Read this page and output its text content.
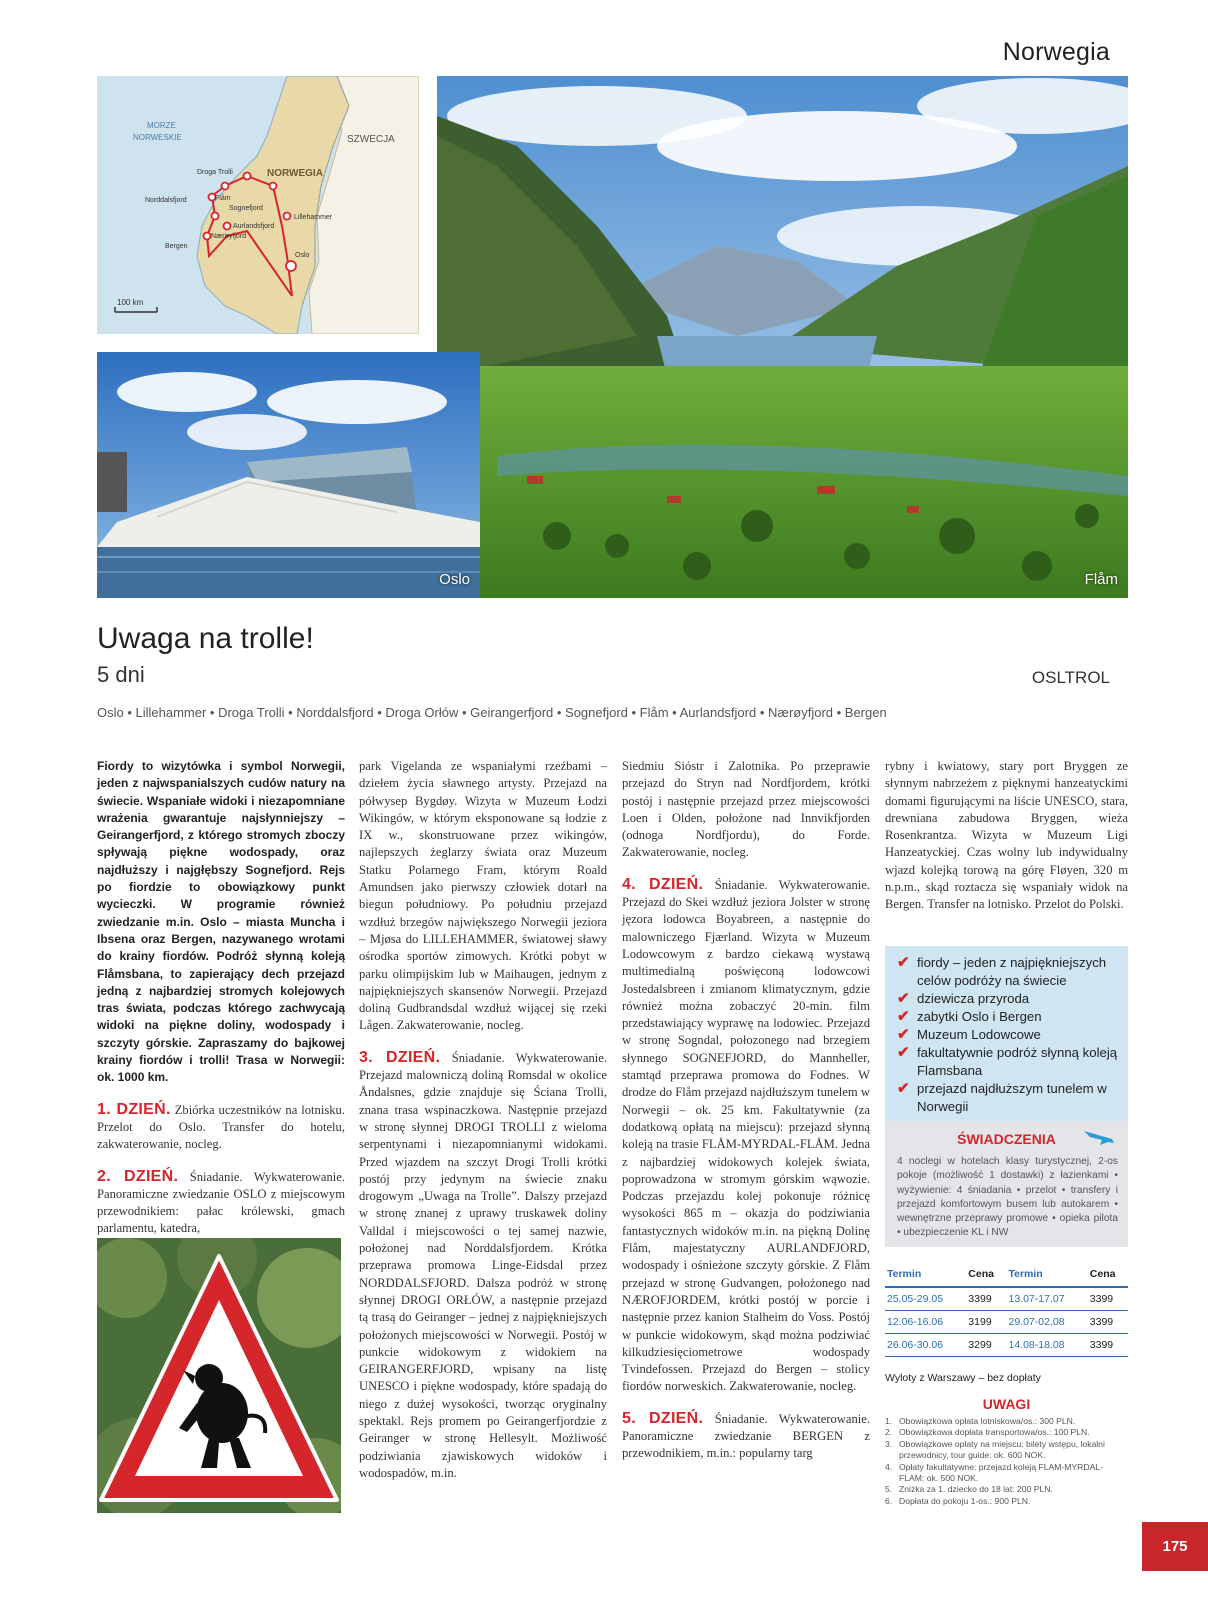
Norwegia
MORZE
NORWESKIE
NORWEGIA
SZWECJA
Droga Trolli
Norddalsfjord	Flåm
Sognefjord
Aurlandsfjord
Nærøyfjord
Bergen
Lillehammer
Oslo
100 km
Flåm
Oslo
Uwaga na trolle!
5 dni	OSLTROL
Oslo • Lillehammer • Droga Trolli • Norddalsfjord • Droga Orłów • Geirangerfjord • Sognefjord • Flåm • Aurlandsfjord • Nærøyfjord • Bergen

Fiordy to wizytówka i symbol Norwegii, jeden z najwspanialszych cudów natury na świecie. Wspaniałe widoki i niezapomniane wrażenia gwarantuje najsłynniejszy – Geirangerfjord, z którego stromych zboczy spływają piękne wodospady, oraz najdłuższy i najgłębszy Sognefjord. Rejs po fiordzie to obowiązkowy punkt wycieczki. W programie również zwiedzanie m.in. Oslo – miasta Muncha i Ibsena oraz Bergen, nazywanego wrotami do krainy fiordów. Podróż słynną koleją Flåmsbana, to zapierający dech przejazd jedną z najbardziej stromych kolejowych tras świata, podczas którego zachwycają widoki na piękne doliny, wodospady i szczyty górskie. Zapraszamy do bajkowej krainy fiordów i trolli! Trasa w Norwegii: ok. 1000 km.

1. DZIEŃ. Zbiórka uczestników na lotnisku. Przelot do Oslo. Transfer do hotelu, zakwaterowanie, nocleg.

2. DZIEŃ. Śniadanie. Wykwaterowanie. Panoramiczne zwiedzanie OSLO z miejscowym przewodnikiem: pałac królewski, gmach parlamentu, katedra,

park Vigelanda ze wspaniałymi rzeźbami – dziełem życia sławnego artysty. Przejazd na półwysep Bygdøy. Wizyta w Muzeum Łodzi Wikingów, w którym eksponowane są łodzie z IX w., skonstruowane przez wikingów, najlepszych żeglarzy świata oraz Muzeum Statku Polarnego Fram, którym Roald Amundsen jako pierwszy człowiek dotarł na biegun południowy. Po południu przejazd wzdłuż brzegów największego Norwegii jeziora – Mjøsa do LILLEHAMMER, światowej sławy ośrodka sportów zimowych. Krótki pobyt w parku olimpijskim lub w Maihaugen, jednym z najpiękniejszych skansenów Norwegii. Przejazd doliną Gudbrandsdal wzdłuż wijącej się rzeki Lågen. Zakwaterowanie, nocleg.

3. DZIEŃ. Śniadanie. Wykwaterowanie. Przejazd malowniczą doliną Romsdal w okolice Åndalsnes, gdzie znajduje się Ściana Trolli, znana trasa wspinaczkowa. Następnie przejazd w stronę słynnej DROGI TROLLI z wieloma serpentynami i niezapomnianymi widokami. Przed wjazdem na szczyt Drogi Trolli krótki postój przy jedynym na świecie znaku drogowym „Uwaga na Trolle”. Dalszy przejazd w stronę znanej z uprawy truskawek doliny Valldal i miejscowości o tej samej nazwie, położonej nad Norddalsfjordem. Krótka przeprawa promowa Linge-Eidsdal przez NORDDALSFJORD. Dalsza podróż w stronę słynnej DROGI ORŁÓW, a następnie przejazd tą trasą do Geiranger – jednej z najpiękniejszych położonych miejscowości w Norwegii. Postój w punkcie widokowym z widokiem na GEIRANGERFJORD, wpisany na listę UNESCO i piękne wodospady, które spadają do niego z dużej wysokości, tworząc oryginalny spektakl. Rejs promem po Geirangerfjordzie z Geiranger w stronę Hellesylt. Możliwość podziwiania zjawiskowych widoków i wodospadów, m.in.

Siedmiu Sióstr i Zalotnika. Po przeprawie przejazd do Stryn nad Nordfjordem, krótki postój i następnie przejazd przez miejscowości Loen i Olden, położone nad Innvikfjorden (odnoga Nordfjordu), do Forde. Zakwaterowanie, nocleg.

4. DZIEŃ. Śniadanie. Wykwaterowanie. Przejazd do Skei wzdłuż jeziora Jolster w stronę jęzora lodowca Boyabreen, a następnie do malowniczego Fjærland. Wizyta w Muzeum Lodowcowym z bardzo ciekawą wystawą multimedialną poświęconą lodowcowi Jostedalsbreen i zmianom klimatycznym, gdzie również można zobaczyć 20-min. film przedstawiający wyprawę na lodowiec. Przejazd w stronę Sogndal, połozonego nad brzegiem słynnego SOGNEFJORD, do Mannheller, stamtąd przeprawa promowa do Fodnes. W drodze do Flåm przejazd najdłuższym tunelem w Norwegii – ok. 25 km. Fakultatywnie (za dodatkową opłatą na miejscu): przejazd słynną koleją na trasie FLÅM-MYRDAL-FLÅM. Jedna z najbardziej widokowych kolejek świata, poprowadzona w stromym górskim wąwozie. Podczas przejazdu kolej pokonuje różnicę wysokości 865 m – okazja do podziwiania fantastycznych widoków m.in. na piękną Dolinę Flåm, majestatyczny AURLANDFJORD, wodospady i ośnieżone szczyty górskie. Z Flåm przejazd w stronę Gudvangen, położonego nad NÆROFJORDEM, krótki postój w porcie i następnie przez kanion Stalheim do Voss. Postój w punkcie widokowym, skąd można podziwiać kilkudziesięciometrowe wodospady Tvindefossen. Przejazd do Bergen – stolicy fiordów norweskich. Zakwaterowanie, nocleg.

5. DZIEŃ. Śniadanie. Wykwaterowanie. Panoramiczne zwiedzanie BERGEN z przewodnikiem, m.in.: popularny targ

rybny i kwiatowy, stary port Bryggen ze słynnym nabrzeżem z pięknymi hanzeatyckimi domami figurującymi na liście UNESCO, stara, drewniana zabudowa Bryggen, wieża Rosenkrantza. Wizyta w Muzeum Ligi Hanzeatyckiej. Czas wolny lub indywidualny wjazd kolejką torową na górę Fløyen, 320 m n.p.m., skąd roztacza się wspaniały widok na Bergen. Transfer na lotnisko. Przelot do Polski.

✔ fiordy – jeden z najpiękniejszych celów podróży na świecie
✔ dziewicza przyroda
✔ zabytki Oslo i Bergen
✔ Muzeum Lodowcowe
✔ fakultatywnie podróż słynną koleją Flamsbana
✔ przejazd najdłuższym tunelem w Norwegii
ŚWIADCZENIA
4 noclegi w hotelach klasy turystycznej, 2-os pokoje (możliwość 1 dostawki) z łazienkami • wyżywienie: 4 śniadania • przelot • transfery i przejazd komfortowym busem lub autokarem • wewnętrzne przeprawy promowe • opieka pilota • ubezpieczenie KL i NW
Termin	Cena	Termin	Cena
25.05-29.05	3399	13.07-17.07	3399
12.06-16.06	3199	29.07-02.08	3399
26.06-30.06	3299	14.08-18.08	3399
Wyloty z Warszawy – bez dopłaty
UWAGI
1. Obowiązkowa opłata lotniskowa/os.: 300 PLN.
2. Obowiązkowa dopłata transportowa/os.: 100 PLN.
3. Obowiązkowe opłaty na miejscu: bilety wstępu, lokalni przewodnicy, tour guide: ok. 600 NOK.
4. Opłaty fakultatywne: przejazd koleją FLAM-MYRDAL-FLAM: ok. 500 NOK.
5. Zniżka za 1. dziecko do 18 lat: 200 PLN.
6. Dopłata do pokoju 1-os.: 900 PLN.
175
